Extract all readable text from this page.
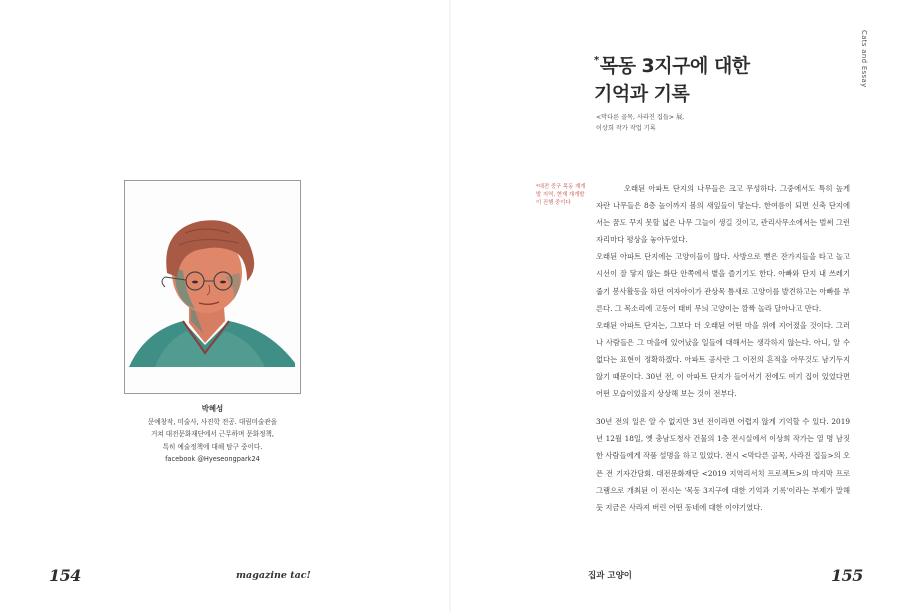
박혜성
문예창작, 미술사, 사진학 전공. 대림미술관을
거쳐 대전문화재단에서 근무하며 문화정책,
특히 예술정책에 대해 탐구 중이다.
facebook @Hyeseongpark24
154	magazine tac!
Cats and Essay
*목동 3지구에 대한
기억과 기록
<막다른 골목, 사라진 집들> 展,
이상희 작가 작업 기록
*대전 중구 목동 재개발 지역, 현재 재개발이 진행 중이다

오래된 아파트 단지의 나무들은 크고 무성하다. 그중에서도 특히 높게 자란 나무들은 8층 높이까지 봄의 새잎들이 닿는다. 한여름이 되면 신축 단지에서는 꿈도 꾸지 못할 넓은 나무 그늘이 생길 것이고, 관리사무소에서는 벌써 그런 자리마다 평상을 놓아두었다.

오래된 아파트 단지에는 고양이들이 많다. 사방으로 뻗은 잔가지들을 타고 놀고 시선이 잘 닿지 않는 화단 안쪽에서 볕을 즐기기도 한다. 아빠와 단지 내 쓰레기 줍기 봉사활동을 하던 여자아이가 관상목 틈새로 고양이를 발견하고는 아빠를 부른다. 그 목소리에 고동어 태비 무늬 고양이는 깜짝 놀라 달아나고 만다.

오래된 아파트 단지는, 그보다 더 오래된 어떤 마을 위에 지어졌을 것이다. 그러나 사람들은 그 마을에 있어났을 일들에 대해서는 생각하지 않는다. 아니, 알 수 없다는 표현이 정확하겠다. 아파트 공사란 그 이전의 흔적을 아무것도 남기두지 않기 때문이다. 30년 전, 이 아파트 단지가 들어서기 전에도 여기 집이 있었다면 어떤 모습이었을지 상상해 보는 것이 전부다.

30년 전의 일은 알 수 없지만 3년 전이라면 어렵지 않게 기억할 수 있다. 2019년 12월 18일, 옛 충남도청사 건물의 1층 전시실에서 이상희 작가는 열 명 남짓한 사람들에게 작품 설명을 하고 있었다. 전시 <막다른 골목, 사라진 집들>의 오픈 전 기자간담회. 대전문화재단 <2019 지역리서치 프로젝트>의 마지막 프로그램으로 개최된 이 전시는 '목동 3지구에 대한 기억과 기록'이라는 부제가 말해듯 지금은 사라져 버린 어떤 동네에 대한 이야기였다.

집과 고양이	155
